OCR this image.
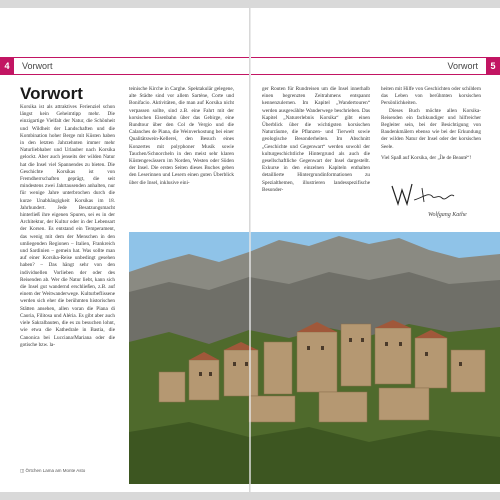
4	Vorwort	Vorwort	5
Vorwort

Korsika ist als attraktives Ferienziel schon längst kein Geheimtipp mehr. Die einzigartige Vielfalt der Natur, die Schönheit und Wildheit der Landschaften und die Kombination hoher Berge mit Küsten haben in den letzten Jahrzehnten immer mehr Naturliebhaber und Urlauber nach Korsika gelockt. Aber auch jenseits der wilden Natur hat die Insel viel Spannendes zu bieten. Die Geschichte Korsikas ist von Fremdherrschaften geprägt, die seit mindestens zwei Jahrtausenden anhalten, nur für wenige Jahre unterbrochen durch die kurze Unabhängigkeit Korsikas im 18. Jahrhundert. Jede Besatzungsmacht hinterließ ihre eigenen Spuren, sei es in der Architektur, der Kultur oder in der Lebensart der Korsen. Es entstand ein Temperament, das wenig mit dem der Menschen in den umliegenden Regionen – Italien, Frankreich und Sardinien – gemein hat. Was sollte man auf einer Korsika-Reise unbedingt gesehen haben? – Das hängt sehr von den individuellen Vorlieben der oder des Reisenden ab. Wer die Natur liebt, kann sich die Insel gut wandernd erschließen, z.B. auf einem der Weitwanderwege. Kulturbeflissene werden sich eher die berühmten historischen Stätten ansehen, allen voran die Piana di Caoria, Filitosa und Aléria. Es gibt aber auch viele Sakralbauten, die es zu besuchen lohnt, wie etwa die Kathedrale in Bastia, die Canonica bei Lucciana/Mariana oder die gotische bzw. la-

teinische Kirche in Carghe. Spektakulär gelegene, alte Städte sind vor allem Sartène, Corte und Bonifacio. Aktivitäten, die man auf Korsika nicht verpassen sollte, sind z.B. eine Fahrt mit der korsischen Eisenbahn über das Gebirge, eine Rundtour über den Col de Vergio und die Calanches de Piana, die Weinverkostung bei einer Qualitätswein-Kellerei, den Besuch eines Konzertes mit polyphoner Musik sowie Tauchen/Schnorcheln in den meist sehr klaren Küstengewässern im Norden, Westen oder Süden der Insel. Die ersten Seiten dieses Buches geben den Leserinnen und Lesern einen guten Überblick über die Insel, inklusive eini-

ger Routen für Rundreisen um die Insel innerhalb einen begrenzten Zeitrahmens entspannt kennenzulernen. Im Kapitel „Wandertouren“ werden ausgewählte Wanderwege beschrieben. Das Kapitel „Naturerlebnis Korsika“ gibt einen Überblick über die wichtigsten korsischen Naturräume, die Pflanzen- und Tierwelt sowie geologische Besonderheiten. Im Abschnitt „Geschichte und Gegenwart“ werden sowohl der kulturgeschichtliche Hintergrund als auch die gesellschaftliche Gegenwart der Insel dargestellt. Exkurse in den einzelnen Kapiteln enthalten detaillierte Hintergrundinformationen zu Spezialthemen, illustrieren landesspezifische Besonder-

heiten mit Hilfe von Geschichten oder schildern das Leben von berühmten korsischen Persönlichkeiten.

Dieses Buch möchte allen Korsika-Reisenden ein fachkundiger und hilfreicher Begleiter sein, bei der Besichtigung von Baudenkmälern ebenso wie bei der Erkundung der wilden Natur der Insel oder der korsischen Seele.

Viel Spaß auf Korsika, der „Île de Beauté“!

Wolfgang Kathe
◫ Örtchen Lama am Monte Asto
